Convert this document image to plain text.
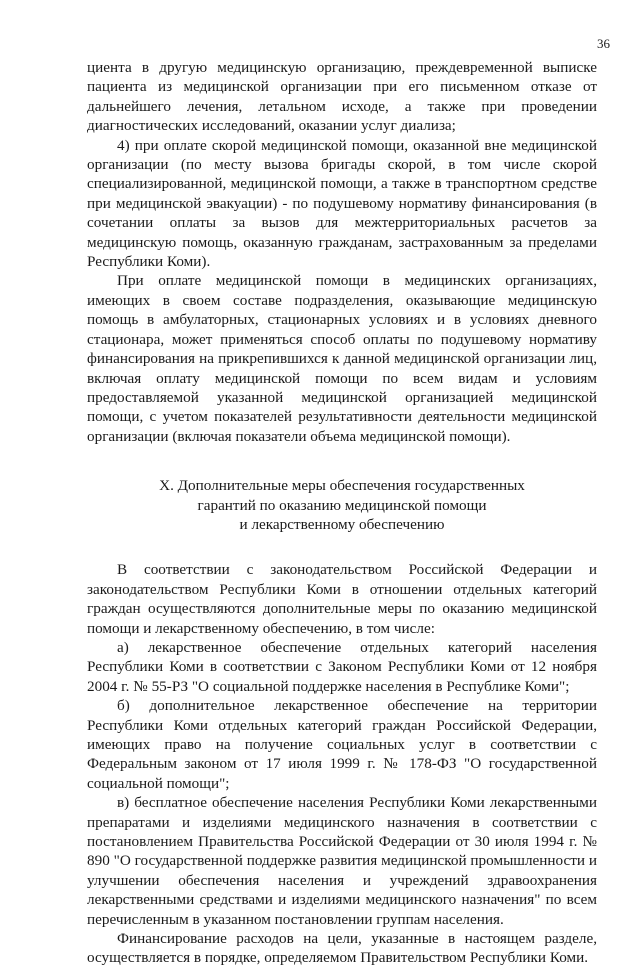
36

циента в другую медицинскую организацию, преждевременной выписке пациента из медицинской организации при его письменном отказе от дальнейшего лечения, летальном исходе, а также при проведении диагностических исследований, оказании услуг диализа;

4) при оплате скорой медицинской помощи, оказанной вне медицинской организации (по месту вызова бригады скорой, в том числе скорой специализированной, медицинской помощи, а также в транспортном средстве при медицинской эвакуации) - по подушевому нормативу финансирования (в сочетании оплаты за вызов для межтерриториальных расчетов за медицинскую помощь, оказанную гражданам, застрахованным за пределами Республики Коми).

При оплате медицинской помощи в медицинских организациях, имеющих в своем составе подразделения, оказывающие медицинскую помощь в амбулаторных, стационарных условиях и в условиях дневного стационара, может применяться способ оплаты по подушевому нормативу финансирования на прикрепившихся к данной медицинской организации лиц, включая оплату медицинской помощи по всем видам и условиям предоставляемой указанной медицинской организацией медицинской помощи, с учетом показателей результативности деятельности медицинской организации (включая показатели объема медицинской помощи).

X. Дополнительные меры обеспечения государственных
гарантий по оказанию медицинской помощи
и лекарственному обеспечению

В соответствии с законодательством Российской Федерации и законодательством Республики Коми в отношении отдельных категорий граждан осуществляются дополнительные меры по оказанию медицинской помощи и лекарственному обеспечению, в том числе:

а) лекарственное обеспечение отдельных категорий населения Республики Коми в соответствии с Законом Республики Коми от 12 ноября 2004 г. № 55-РЗ "О социальной поддержке населения в Республике Коми";

б) дополнительное лекарственное обеспечение на территории Республики Коми отдельных категорий граждан Российской Федерации, имеющих право на получение социальных услуг в соответствии с Федеральным законом от 17 июля 1999 г. № 178-ФЗ "О государственной социальной помощи";

в) бесплатное обеспечение населения Республики Коми лекарственными препаратами и изделиями медицинского назначения в соответствии с постановлением Правительства Российской Федерации от 30 июля 1994 г. № 890 "О государственной поддержке развития медицинской промышленности и улучшении обеспечения населения и учреждений здравоохранения лекарственными средствами и изделиями медицинского назначения" по всем перечисленным в указанном постановлении группам населения.

Финансирование расходов на цели, указанные в настоящем разделе, осуществляется в порядке, определяемом Правительством Республики Коми.
